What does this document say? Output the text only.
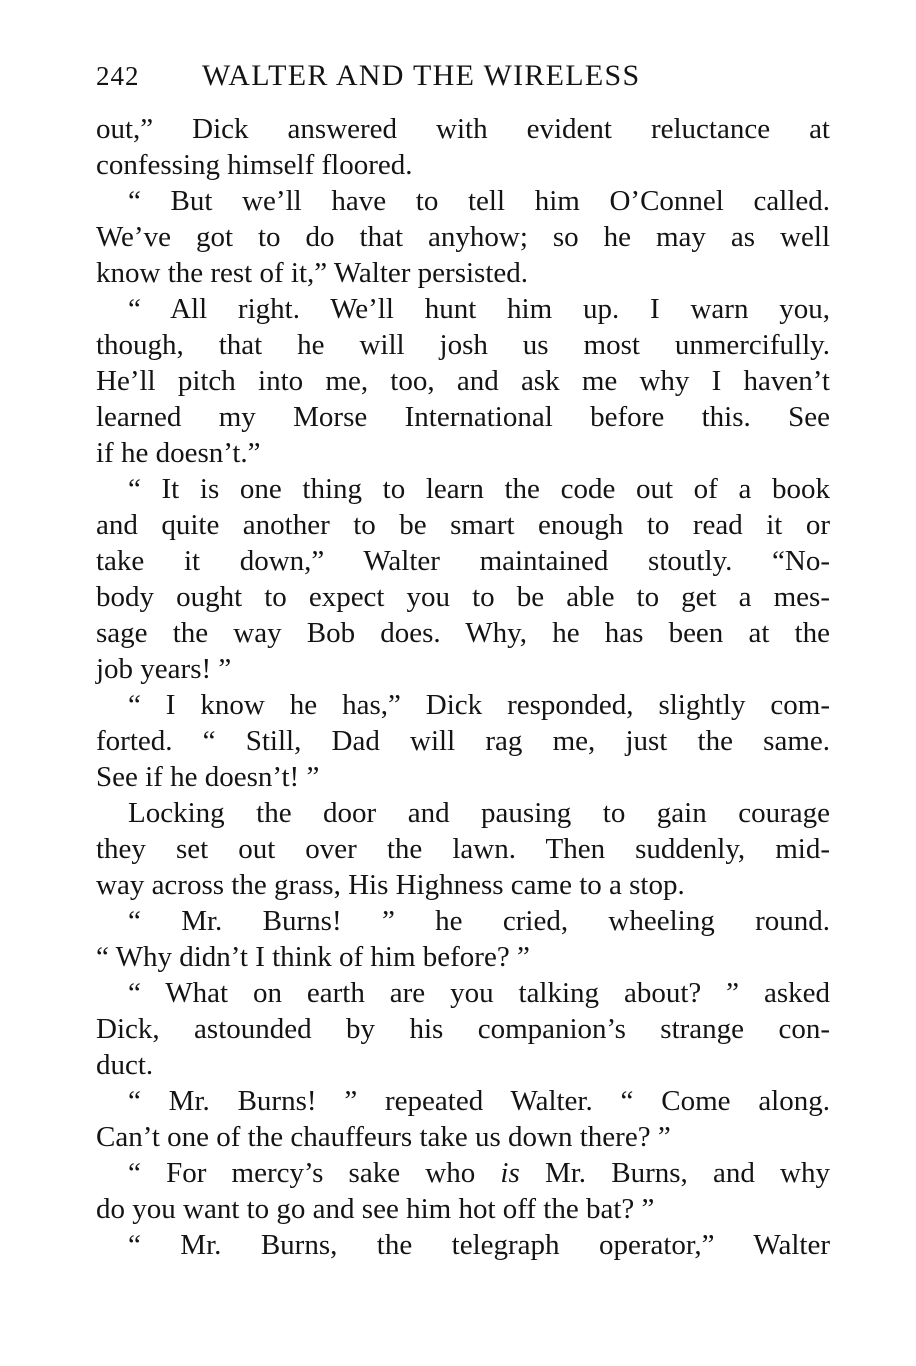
242 WALTER AND THE WIRELESS
out,” Dick answered with evident reluctance at
confessing himself floored.
“ But we’ll have to tell him O’Connel called.
We’ve got to do that anyhow; so he may as well
know the rest of it,” Walter persisted.
“ All right. We’ll hunt him up. I warn you,
though, that he will josh us most unmercifully.
He’ll pitch into me, too, and ask me why I haven’t
learned my Morse International before this. See
if he doesn’t.”
“ It is one thing to learn the code out of a book
and quite another to be smart enough to read it or
take it down,” Walter maintained stoutly. “No-
body ought to expect you to be able to get a mes-
sage the way Bob does. Why, he has been at the
job years! ”
“ I know he has,” Dick responded, slightly com-
forted. “ Still, Dad will rag me, just the same.
See if he doesn’t! ”
Locking the door and pausing to gain courage
they set out over the lawn. Then suddenly, mid-
way across the grass, His Highness came to a stop.
“ Mr. Burns! ” he cried, wheeling round.
“ Why didn’t I think of him before? ”
“ What on earth are you talking about? ” asked
Dick, astounded by his companion’s strange con-
duct.
“ Mr. Burns! ” repeated Walter. “ Come along.
Can’t one of the chauffeurs take us down there? ”
“ For mercy’s sake who is Mr. Burns, and why
do you want to go and see him hot off the bat? ”
“ Mr. Burns, the telegraph operator,” Walter
